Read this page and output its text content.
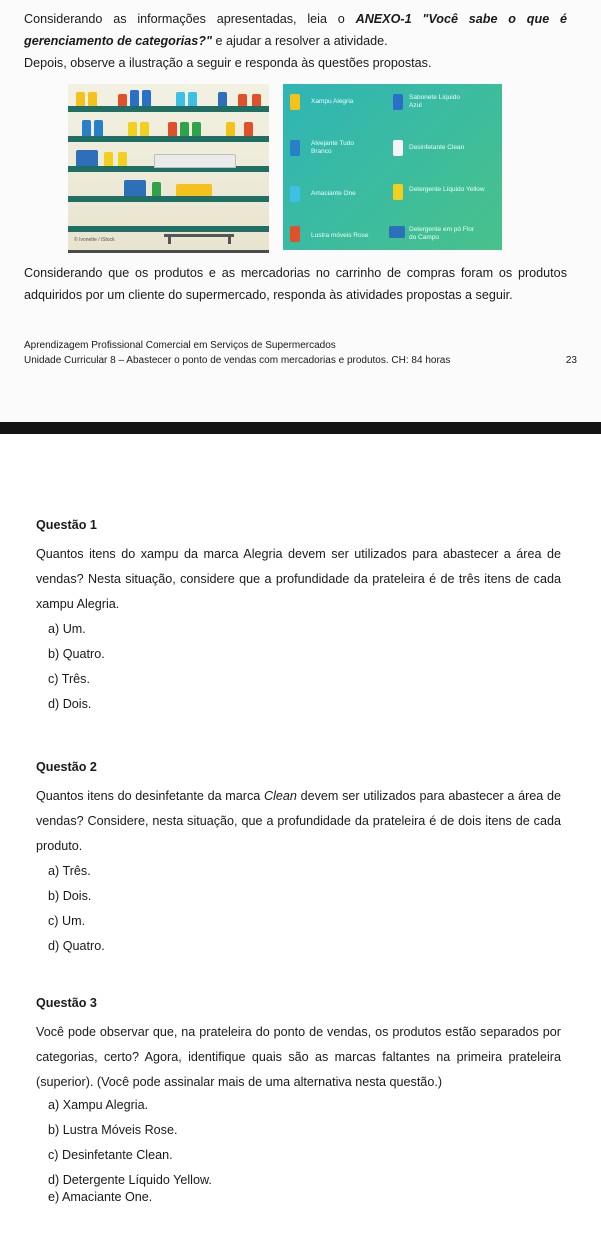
Considerando as informações apresentadas, leia o ANEXO-1 "Você sabe o que é gerenciamento de categorias?" e ajudar a resolver a atividade.

Depois, observe a ilustração a seguir e responda às questões propostas.

© Ivonette / iStock
Xampu Alegria
Sabonete Líquido Azul
Alvejante Tudo Branco
Desinfetante Clean
Amaciante One
Detergente Líquido Yellow
Lustra móveis Rose
Detergente em pó Flor do Campo

Considerando que os produtos e as mercadorias no carrinho de compras foram os produtos adquiridos por um cliente do supermercado, responda às atividades propostas a seguir.

Aprendizagem Profissional Comercial em Serviços de Supermercados
Unidade Curricular 8 – Abastecer o ponto de vendas com mercadorias e produtos. CH: 84 horas	23
Questão 1
Quantos itens do xampu da marca Alegria devem ser utilizados para abastecer a área de vendas? Nesta situação, considere que a profundidade da prateleira é de três itens de cada xampu Alegria.
a) Um.
b) Quatro.
c) Três.
d) Dois.
Questão 2
Quantos itens do desinfetante da marca Clean devem ser utilizados para abastecer a área de vendas? Considere, nesta situação, que a profundidade da prateleira é de dois itens de cada produto.
a) Três.
b) Dois.
c) Um.
d) Quatro.
Questão 3
Você pode observar que, na prateleira do ponto de vendas, os produtos estão separados por categorias, certo? Agora, identifique quais são as marcas faltantes na primeira prateleira (superior). (Você pode assinalar mais de uma alternativa nesta questão.)
a) Xampu Alegria.
b) Lustra Móveis Rose.
c) Desinfetante Clean.
d) Detergente Líquido Yellow.
e) Amaciante One.
